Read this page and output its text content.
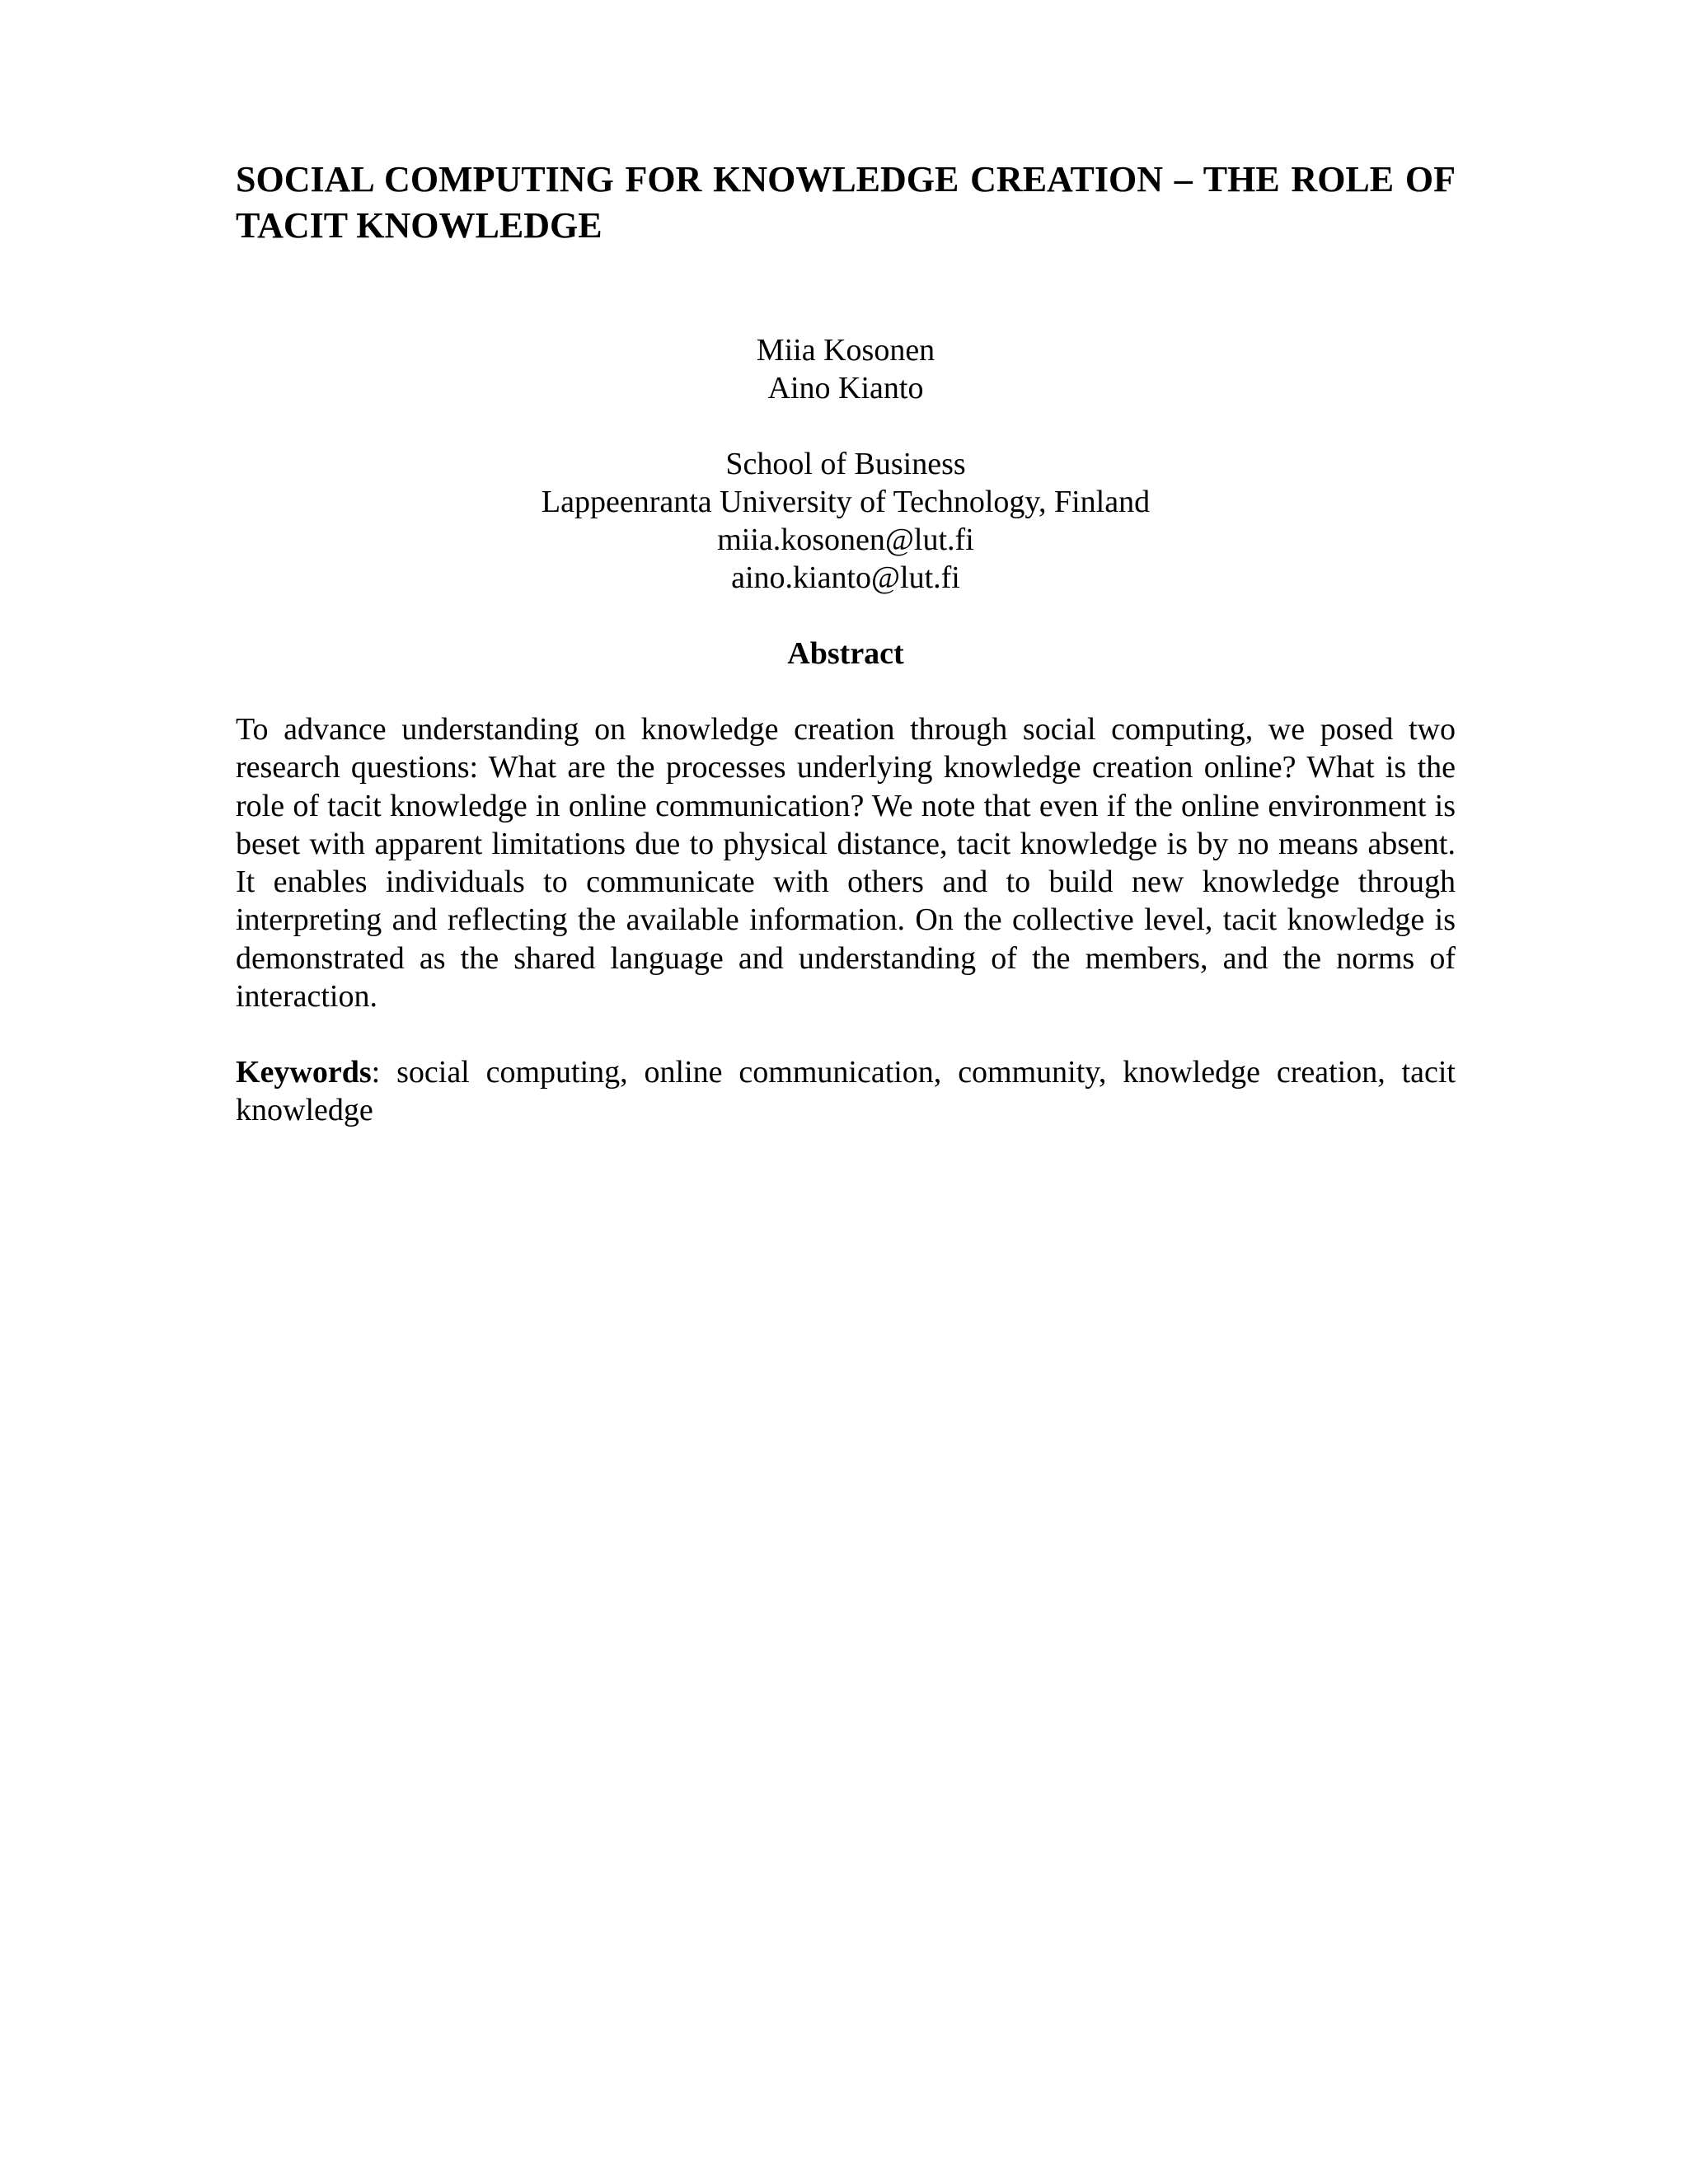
SOCIAL COMPUTING FOR KNOWLEDGE CREATION – THE ROLE OF TACIT KNOWLEDGE
Miia Kosonen
Aino Kianto
School of Business
Lappeenranta University of Technology, Finland
miia.kosonen@lut.fi
aino.kianto@lut.fi
Abstract

To advance understanding on knowledge creation through social computing, we posed two research questions: What are the processes underlying knowledge creation online? What is the role of tacit knowledge in online communication? We note that even if the online environment is beset with apparent limitations due to physical distance, tacit knowledge is by no means absent. It enables individuals to communicate with others and to build new knowledge through interpreting and reflecting the available information. On the collective level, tacit knowledge is demonstrated as the shared language and understanding of the members, and the norms of interaction.

Keywords: social computing, online communication, community, knowledge creation, tacit knowledge
